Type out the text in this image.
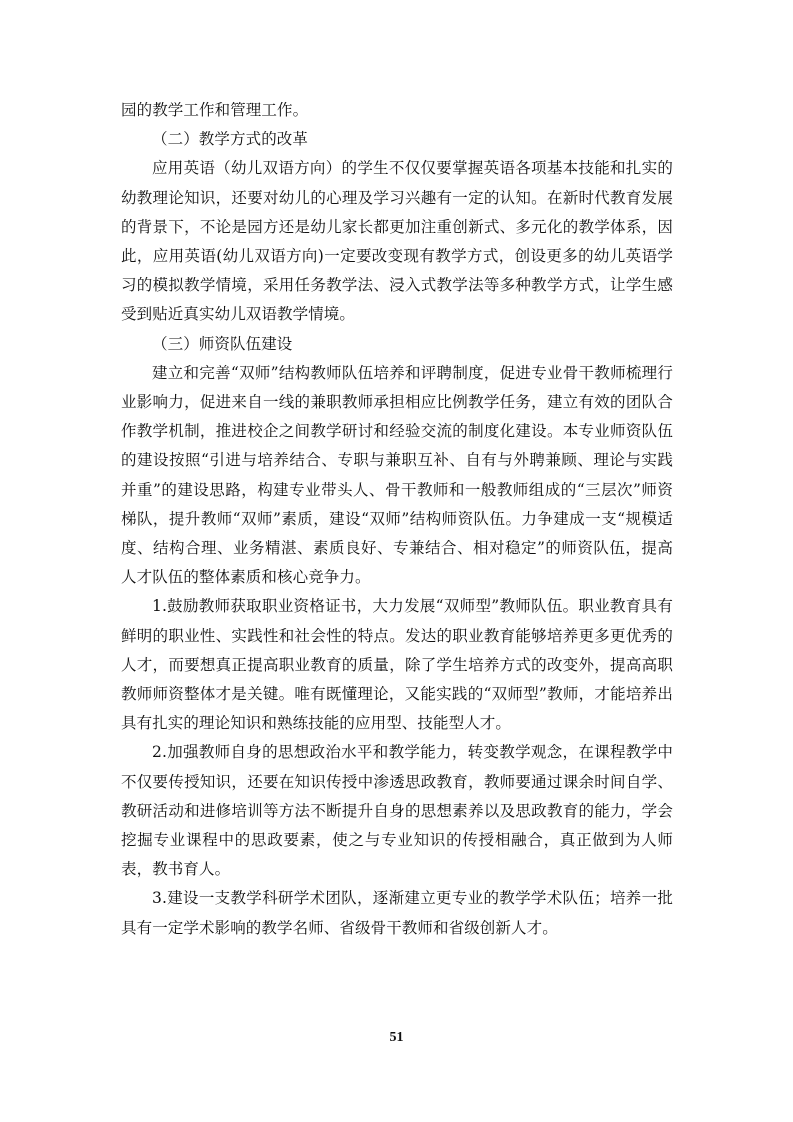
园的教学工作和管理工作。

（二）教学方式的改革

应用英语（幼儿双语方向）的学生不仅仅要掌握英语各项基本技能和扎实的幼教理论知识，还要对幼儿的心理及学习兴趣有一定的认知。在新时代教育发展的背景下，不论是园方还是幼儿家长都更加注重创新式、多元化的教学体系，因此，应用英语(幼儿双语方向)一定要改变现有教学方式，创设更多的幼儿英语学习的模拟教学情境，采用任务教学法、浸入式教学法等多种教学方式，让学生感受到贴近真实幼儿双语教学情境。

（三）师资队伍建设

建立和完善“双师”结构教师队伍培养和评聘制度，促进专业骨干教师梳理行业影响力，促进来自一线的兼职教师承担相应比例教学任务，建立有效的团队合作教学机制，推进校企之间教学研讨和经验交流的制度化建设。本专业师资队伍的建设按照“引进与培养结合、专职与兼职互补、自有与外聘兼顾、理论与实践并重”的建设思路，构建专业带头人、骨干教师和一般教师组成的“三层次”师资梯队，提升教师“双师”素质，建设“双师”结构师资队伍。力争建成一支“规模适度、结构合理、业务精湛、素质良好、专兼结合、相对稳定”的师资队伍，提高人才队伍的整体素质和核心竞争力。

1.鼓励教师获取职业资格证书，大力发展“双师型”教师队伍。职业教育具有鲜明的职业性、实践性和社会性的特点。发达的职业教育能够培养更多更优秀的人才，而要想真正提高职业教育的质量，除了学生培养方式的改变外，提高高职教师师资整体才是关键。唯有既懂理论，又能实践的“双师型”教师，才能培养出具有扎实的理论知识和熟练技能的应用型、技能型人才。

2.加强教师自身的思想政治水平和教学能力，转变教学观念，在课程教学中不仅要传授知识，还要在知识传授中渗透思政教育，教师要通过课余时间自学、教研活动和进修培训等方法不断提升自身的思想素养以及思政教育的能力，学会挖掘专业课程中的思政要素，使之与专业知识的传授相融合，真正做到为人师表，教书育人。

3.建设一支教学科研学术团队，逐渐建立更专业的教学学术队伍；培养一批具有一定学术影响的教学名师、省级骨干教师和省级创新人才。

51
